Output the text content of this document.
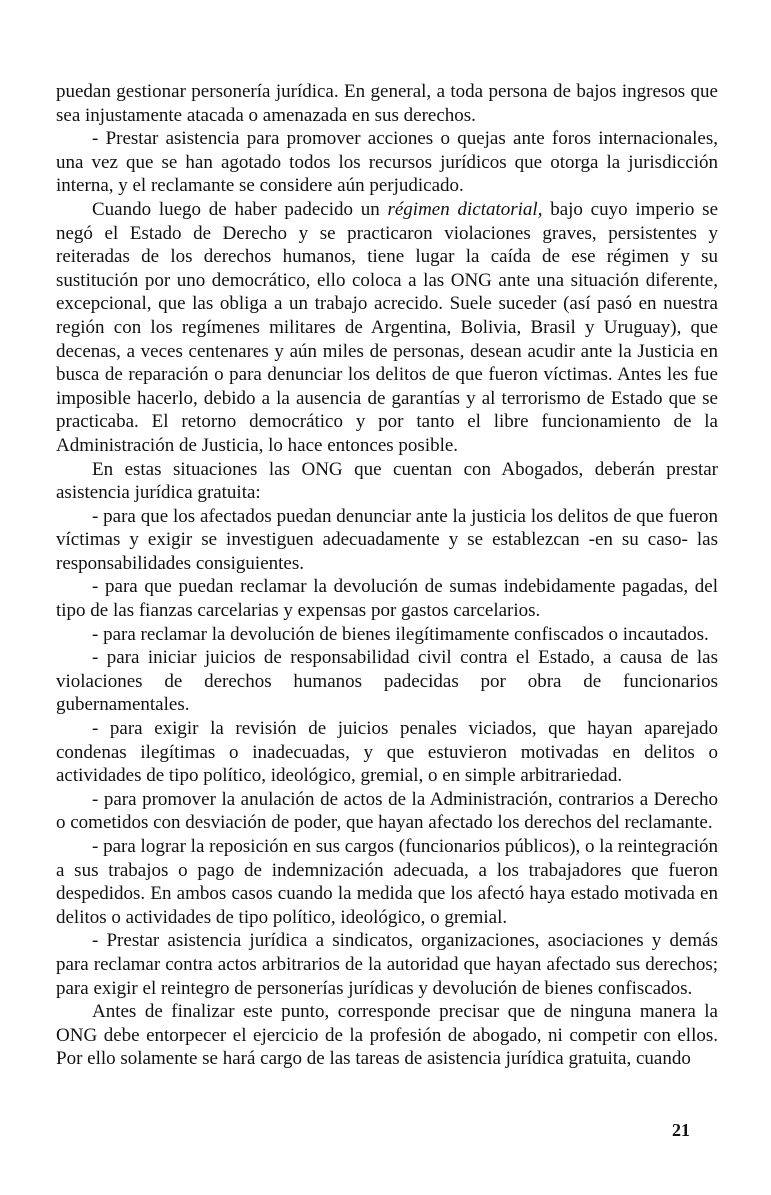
puedan gestionar personería jurídica. En general, a toda persona de bajos ingresos que sea injustamente atacada o amenazada en sus derechos.

- Prestar asistencia para promover acciones o quejas ante foros internacionales, una vez que se han agotado todos los recursos jurídicos que otorga la jurisdicción interna, y el reclamante se considere aún perjudicado.

Cuando luego de haber padecido un régimen dictatorial, bajo cuyo imperio se negó el Estado de Derecho y se practicaron violaciones graves, persistentes y reiteradas de los derechos humanos, tiene lugar la caída de ese régimen y su sustitución por uno democrático, ello coloca a las ONG ante una situación diferente, excepcional, que las obliga a un trabajo acrecido. Suele suceder (así pasó en nuestra región con los regímenes militares de Argentina, Bolivia, Brasil y Uruguay), que decenas, a veces centenares y aún miles de personas, desean acudir ante la Justicia en busca de reparación o para denunciar los delitos de que fueron víctimas. Antes les fue imposible hacerlo, debido a la ausencia de garantías y al terrorismo de Estado que se practicaba. El retorno democrático y por tanto el libre funcionamiento de la Administración de Justicia, lo hace entonces posible.

En estas situaciones las ONG que cuentan con Abogados, deberán prestar asistencia jurídica gratuita:

- para que los afectados puedan denunciar ante la justicia los delitos de que fueron víctimas y exigir se investiguen adecuadamente y se establezcan -en su caso- las responsabilidades consiguientes.

- para que puedan reclamar la devolución de sumas indebidamente pagadas, del tipo de las fianzas carcelarias y expensas por gastos carcelarios.

- para reclamar la devolución de bienes ilegítimamente confiscados o incautados.

- para iniciar juicios de responsabilidad civil contra el Estado, a causa de las violaciones de derechos humanos padecidas por obra de funcionarios gubernamentales.

- para exigir la revisión de juicios penales viciados, que hayan aparejado condenas ilegítimas o inadecuadas, y que estuvieron motivadas en delitos o actividades de tipo político, ideológico, gremial, o en simple arbitrariedad.

- para promover la anulación de actos de la Administración, contrarios a Derecho o cometidos con desviación de poder, que hayan afectado los derechos del reclamante.

- para lograr la reposición en sus cargos (funcionarios públicos), o la reintegración a sus trabajos o pago de indemnización adecuada, a los trabajadores que fueron despedidos. En ambos casos cuando la medida que los afectó haya estado motivada en delitos o actividades de tipo político, ideológico, o gremial.

- Prestar asistencia jurídica a sindicatos, organizaciones, asociaciones y demás para reclamar contra actos arbitrarios de la autoridad que hayan afectado sus derechos; para exigir el reintegro de personerías jurídicas y devolución de bienes confiscados.

Antes de finalizar este punto, corresponde precisar que de ninguna manera la ONG debe entorpecer el ejercicio de la profesión de abogado, ni competir con ellos. Por ello solamente se hará cargo de las tareas de asistencia jurídica gratuita, cuando

21
